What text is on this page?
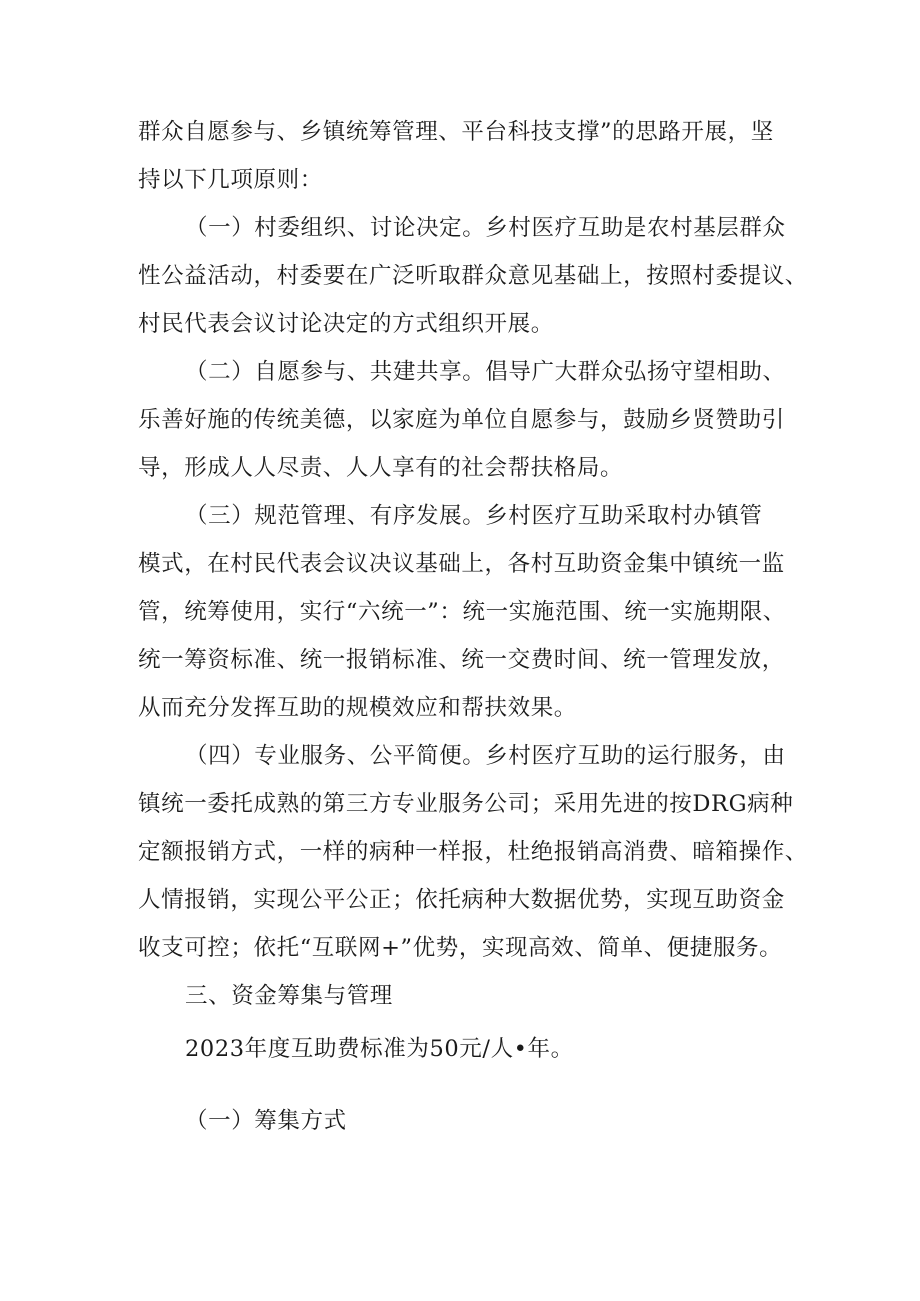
群众自愿参与、乡镇统筹管理、平台科技支撑”的思路开展，坚
持以下几项原则：
（一）村委组织、讨论决定。乡村医疗互助是农村基层群众
性公益活动，村委要在广泛听取群众意见基础上，按照村委提议、
村民代表会议讨论决定的方式组织开展。
（二）自愿参与、共建共享。倡导广大群众弘扬守望相助、
乐善好施的传统美德，以家庭为单位自愿参与，鼓励乡贤赞助引
导，形成人人尽责、人人享有的社会帮扶格局。
（三）规范管理、有序发展。乡村医疗互助采取村办镇管
模式，在村民代表会议决议基础上，各村互助资金集中镇统一监
管，统筹使用，实行“六统一”：统一实施范围、统一实施期限、
统一筹资标准、统一报销标准、统一交费时间、统一管理发放，
从而充分发挥互助的规模效应和帮扶效果。
（四）专业服务、公平简便。乡村医疗互助的运行服务，由
镇统一委托成熟的第三方专业服务公司；采用先进的按DRG病种
定额报销方式，一样的病种一样报，杜绝报销高消费、暗箱操作、
人情报销，实现公平公正；依托病种大数据优势，实现互助资金
收支可控；依托“互联网+”优势，实现高效、简单、便捷服务。
三、资金筹集与管理
2023年度互助费标准为50元/人•年。
（一）筹集方式
